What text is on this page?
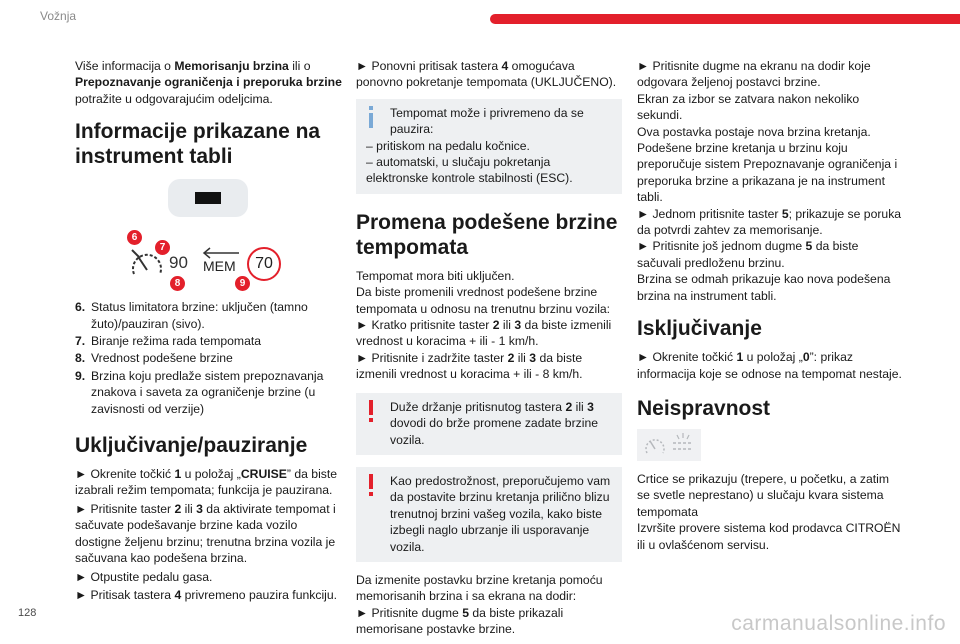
Vožnja

Više informacija o Memorisanju brzina ili o Prepoznavanje ograničenja i preporuka brzine potražite u odgovarajućim odeljcima.

Informacije prikazane na instrument tabli
6
7
90 MEM	70
8	9
6. Status limitatora brzine: uključen (tamno žuto)/pauziran (sivo).
7. Biranje režima rada tempomata
8. Vrednost podešene brzine
9. Brzina koju predlaže sistem prepoznavanja znakova i saveta za ograničenje brzine (u zavisnosti od verzije)
Uključivanje/pauziranje

► Okrenite točkić 1 u položaj „CRUISE” da biste izabrali režim tempomata; funkcija je pauzirana.

► Pritisnite taster 2 ili 3 da aktivirate tempomat i sačuvate podešavanje brzine kada vozilo dostigne željenu brzinu; trenutna brzina vozila je sačuvana kao podešena brzina.

► Otpustite pedalu gasa.

► Pritisak tastera 4 privremeno pauzira funkciju.

► Ponovni pritisak tastera 4 omogućava ponovno pokretanje tempomata (UKLJUČENO).

Tempomat može i privremeno da se pauzira:
– pritiskom na pedalu kočnice.
– automatski, u slučaju pokretanja elektronske kontrole stabilnosti (ESC).
Promena podešene brzine tempomata

Tempomat mora biti uključen.

Da biste promenili vrednost podešene brzine tempomata u odnosu na trenutnu brzinu vozila:

► Kratko pritisnite taster 2 ili 3 da biste izmenili vrednost u koracima + ili - 1 km/h.

► Pritisnite i zadržite taster 2 ili 3 da biste izmenili vrednost u koracima + ili - 8 km/h.

Duže držanje pritisnutog tastera 2 ili 3 dovodi do brže promene zadate brzine vozila.
Kao predostrožnost, preporučujemo vam da postavite brzinu kretanja prilično blizu trenutnoj brzini vašeg vozila, kako biste izbegli naglo ubrzanje ili usporavanje vozila.

Da izmenite postavku brzine kretanja pomoću memorisanih brzina i sa ekrana na dodir:

► Pritisnite dugme 5 da biste prikazali memorisane postavke brzine.

► Pritisnite dugme na ekranu na dodir koje odgovara željenoj postavci brzine.

Ekran za izbor se zatvara nakon nekoliko sekundi.

Ova postavka postaje nova brzina kretanja.

Podešene brzine kretanja u brzinu koju preporučuje sistem Prepoznavanje ograničenja i preporuka brzine a prikazana je na instrument tabli.

► Jednom pritisnite taster 5; prikazuje se poruka da potvrdi zahtev za memorisanje.

► Pritisnite još jednom dugme 5 da biste sačuvali predloženu brzinu.

Brzina se odmah prikazuje kao nova podešena brzina na instrument tabli.

Isključivanje

► Okrenite točkić 1 u položaj „0”: prikaz informacija koje se odnose na tempomat nestaje.

Neispravnost

Crtice se prikazuju (trepere, u početku, a zatim se svetle neprestano) u slučaju kvara sistema tempomata

Izvršite provere sistema kod prodavca CITROËN ili u ovlašćenom servisu.

128	carmanualsonline.info
